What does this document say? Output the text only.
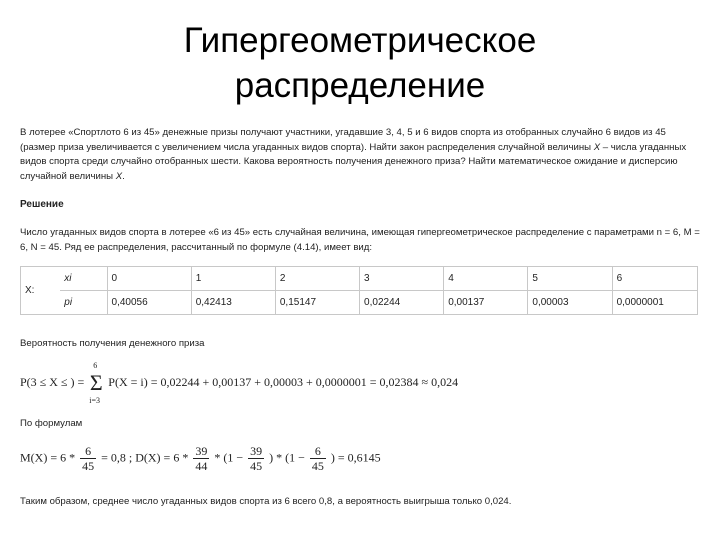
Гипергеометрическое
распределение
В лотерее «Спортлото 6 из 45» денежные призы получают участники, угадавшие 3, 4, 5 и 6 видов спорта из отобранных случайно 6 видов из 45 (размер приза увеличивается с увеличением числа угаданных видов спорта). Найти закон распределения случайной величины X – числа угаданных видов спорта среди случайно отобранных шести. Какова вероятность получения денежного приза? Найти математическое ожидание и дисперсию случайной величины X.
Решение
Число угаданных видов спорта в лотерее «6 из 45» есть случайная величина, имеющая гипергеометрическое распределение с параметрами n = 6, M = 6, N = 45. Ряд ее распределения, рассчитанный по формуле (4.14), имеет вид:
X:	xi	0	1	2	3	4	5	6
	pi	0,40056	0,42413	0,15147	0,02244	0,00137	0,00003	0,0000001
Вероятность получения денежного приза
P(3 ≤ X ≤ ) = Σ
6
i=3
P(X = i) = 0,02244 + 0,00137 + 0,00003 + 0,0000001 = 0,02384 ≈ 0,024
По формулам
$M(X) = 6 * \frac{6}{45} = 0,8$ ; $D(X) = 6 * \frac{39}{44} * (1 - \frac{39}{45}$ ) * ($1 - \frac{6}{45}$ ) = 0,6145
Таким образом, среднее число угаданных видов спорта из 6 всего 0,8, а вероятность выигрыша только 0,024.
